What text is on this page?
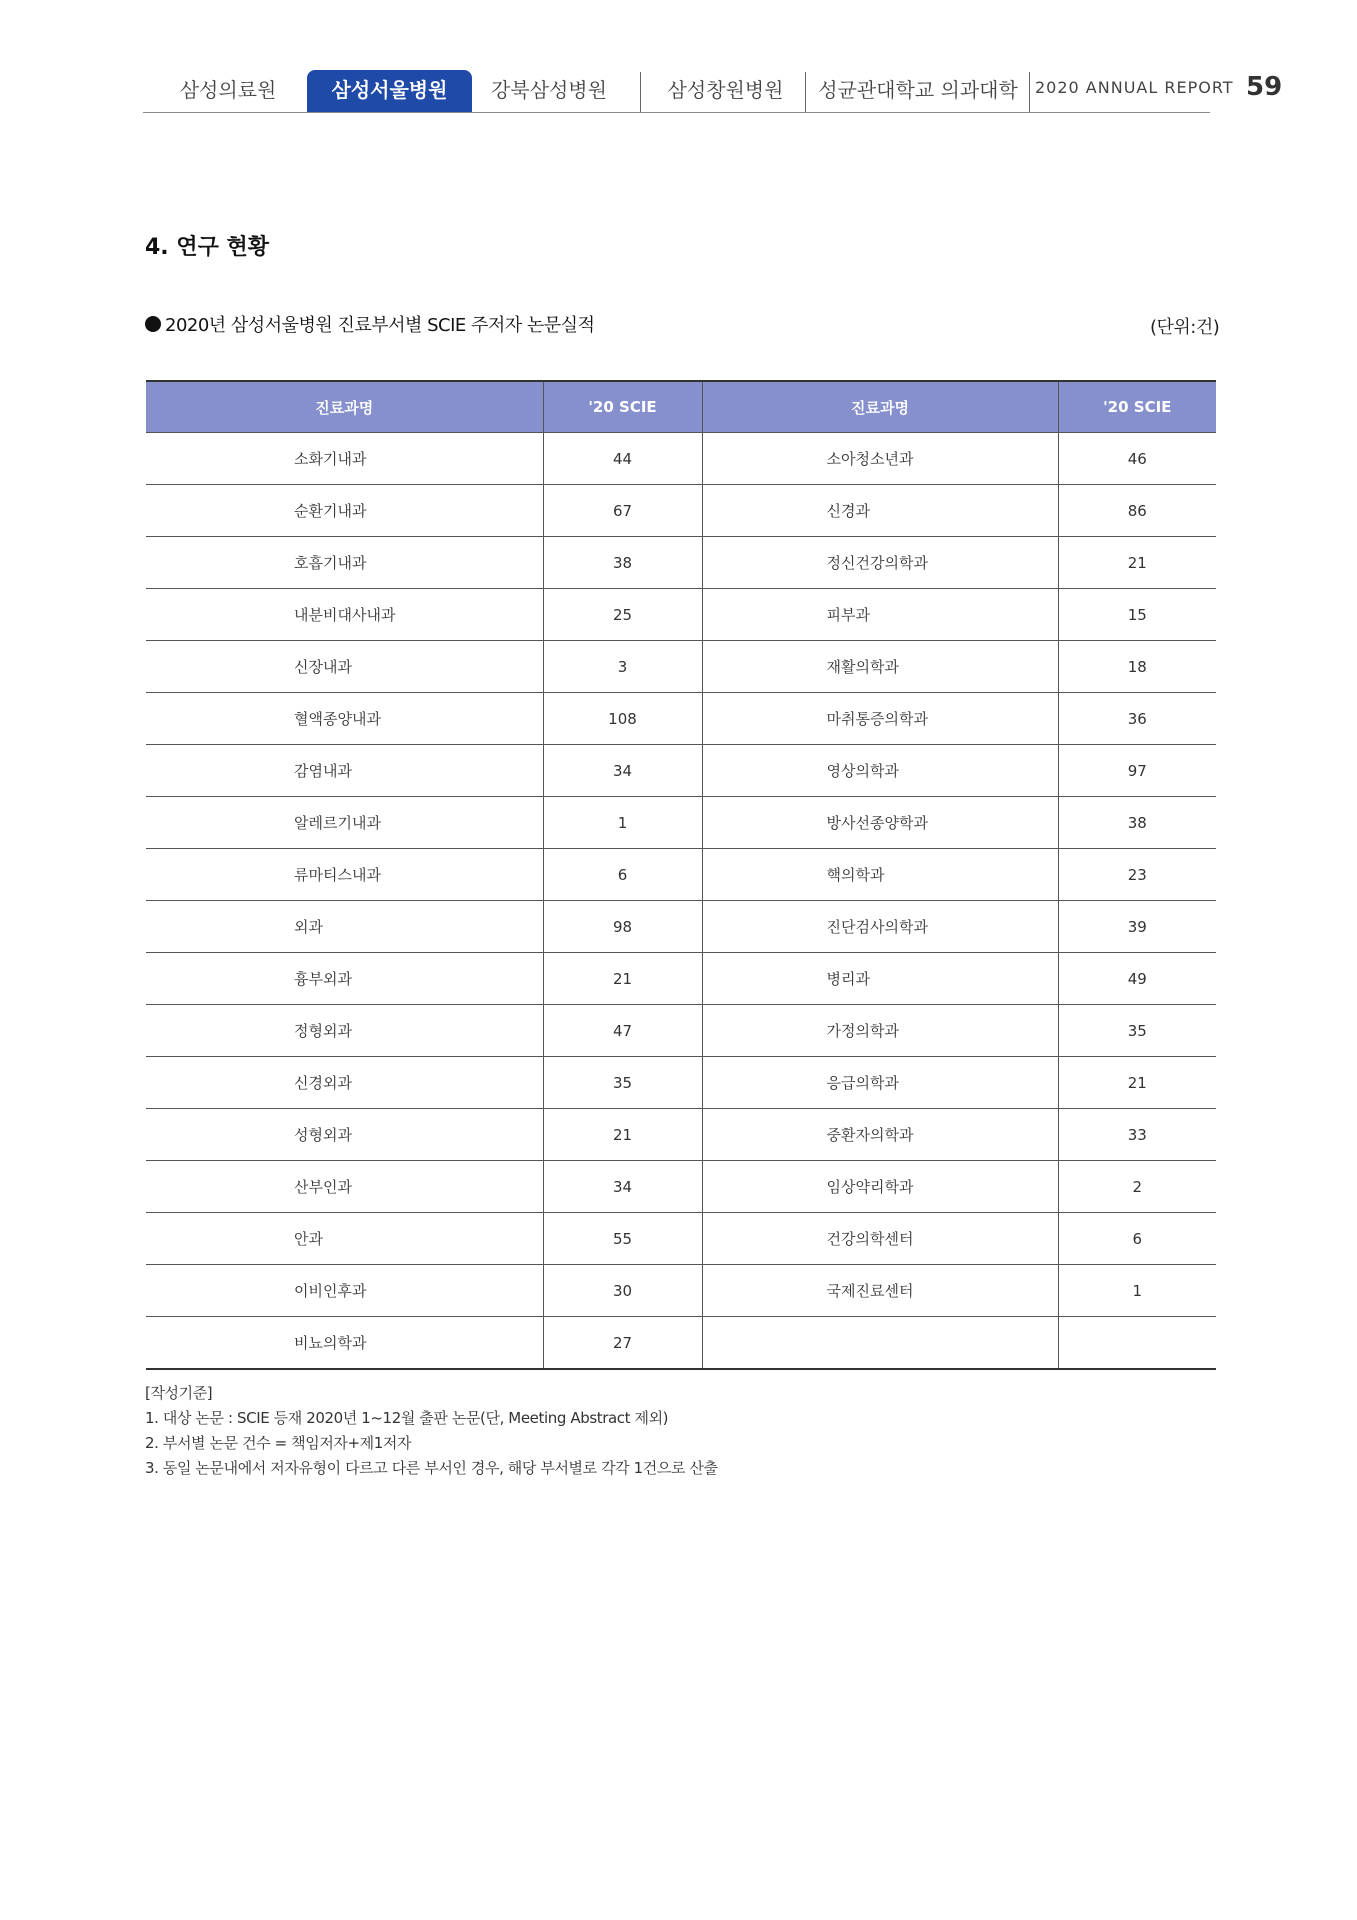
삼성의료원	삼성서울병원	강북삼성병원	삼성창원병원	성균관대학교 의과대학	2020 ANNUAL REPORT 59
4. 연구 현황
2020년 삼성서울병원 진료부서별 SCIE 주저자 논문실적	(단위:건)
진료과명	'20 SCIE	진료과명	'20 SCIE
소화기내과	44	소아청소년과	46
순환기내과	67	신경과	86
호흡기내과	38	정신건강의학과	21
내분비대사내과	25	피부과	15
신장내과	3	재활의학과	18
혈액종양내과	108	마취통증의학과	36
감염내과	34	영상의학과	97
알레르기내과	1	방사선종양학과	38
류마티스내과	6	핵의학과	23
외과	98	진단검사의학과	39
흉부외과	21	병리과	49
정형외과	47	가정의학과	35
신경외과	35	응급의학과	21
성형외과	21	중환자의학과	33
산부인과	34	임상약리학과	2
안과	55	건강의학센터	6
이비인후과	30	국제진료센터	1
비뇨의학과	27		
[작성기준]
1. 대상 논문 : SCIE 등재 2020년 1~12월 출판 논문(단, Meeting Abstract 제외)
2. 부서별 논문 건수 = 책임저자+제1저자
3. 동일 논문내에서 저자유형이 다르고 다른 부서인 경우, 해당 부서별로 각각 1건으로 산출
